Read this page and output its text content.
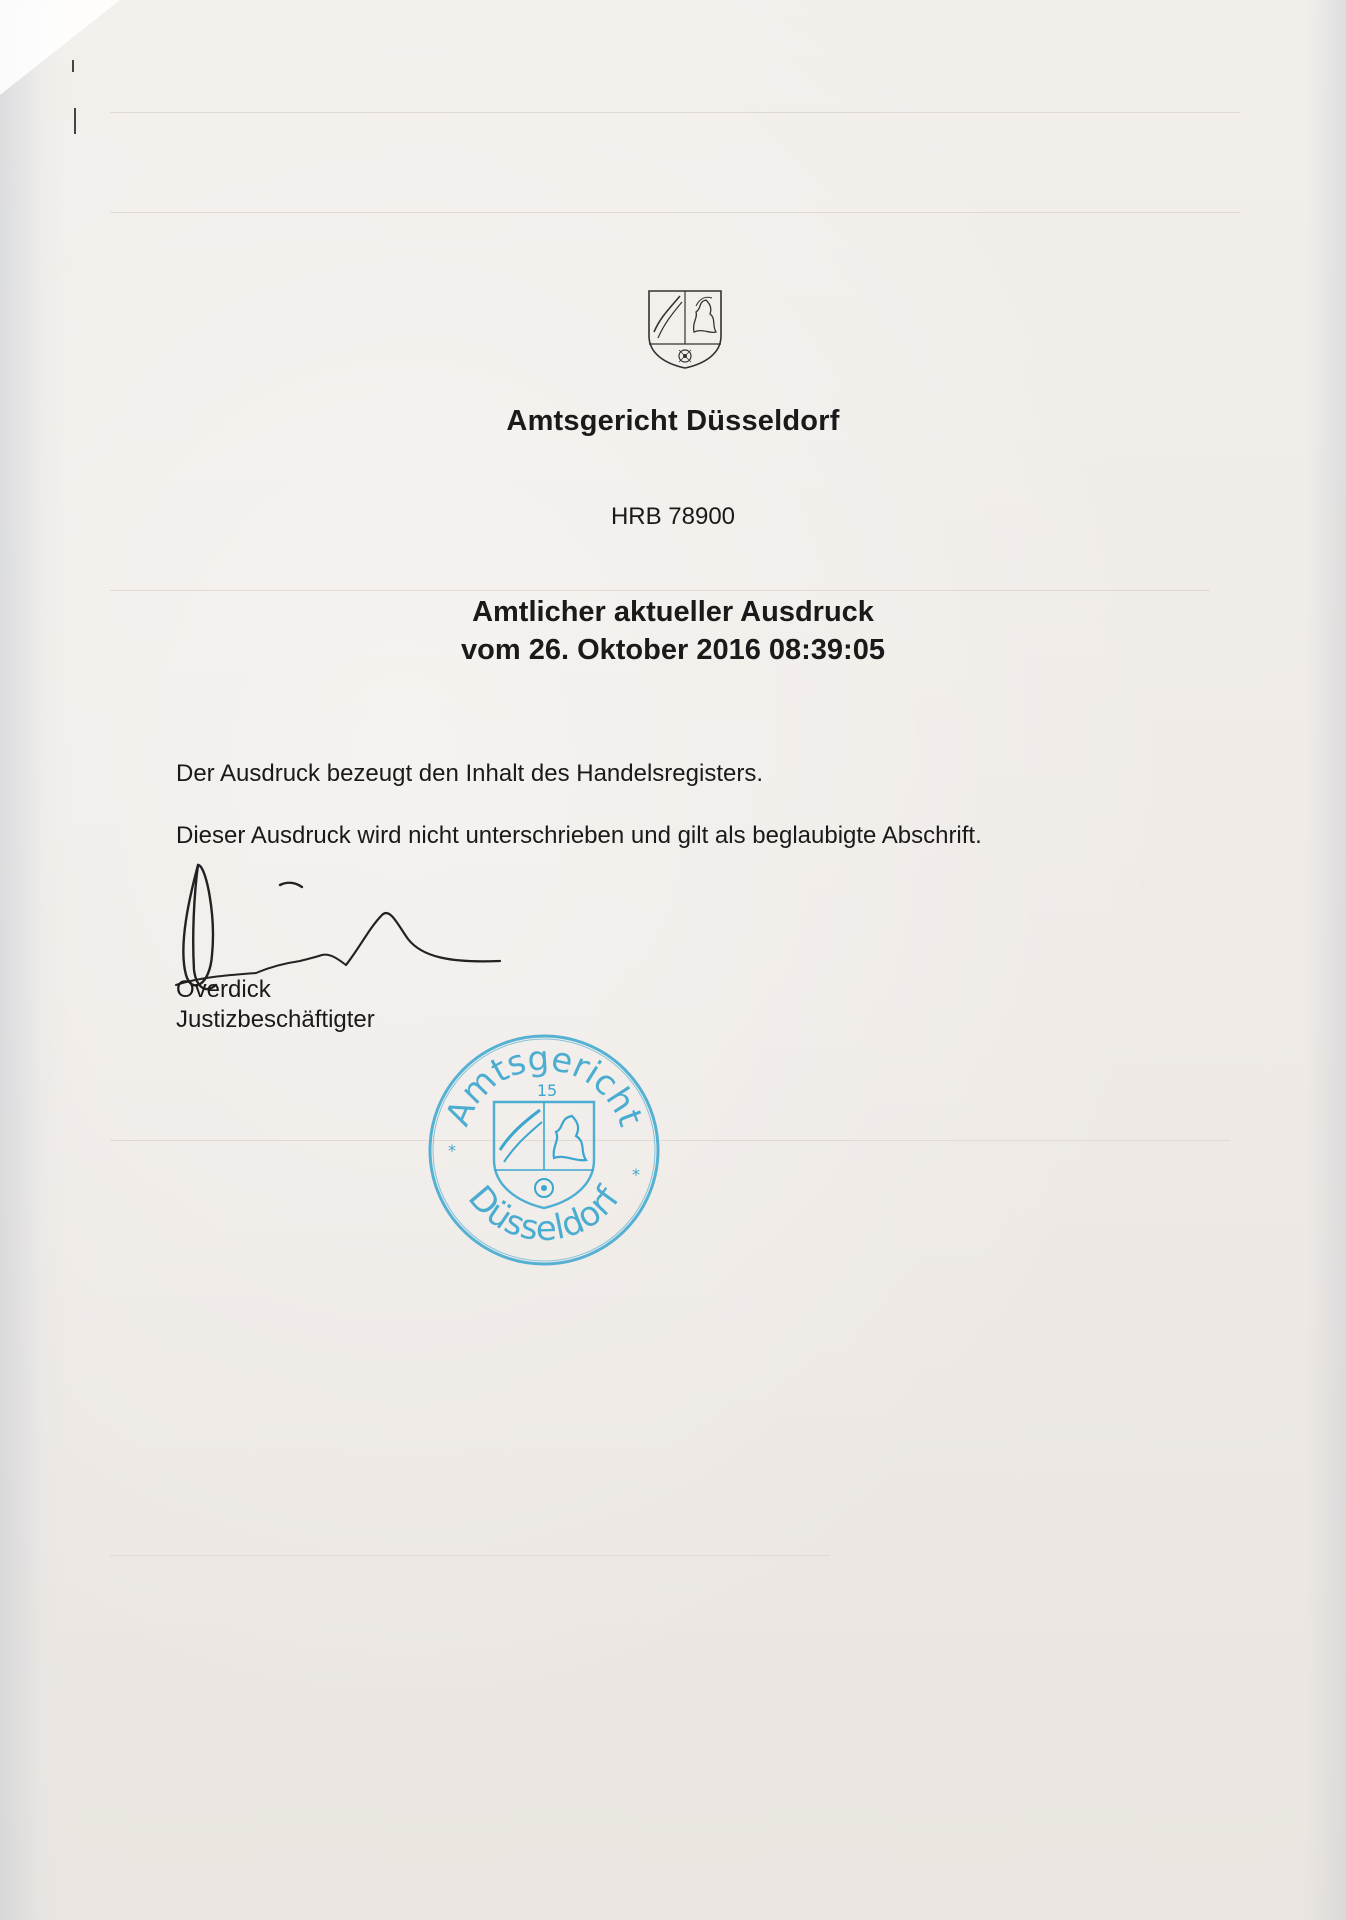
Amtsgericht Düsseldorf
HRB 78900
Amtlicher aktueller Ausdruck
vom 26. Oktober 2016 08:39:05
Der Ausdruck bezeugt den Inhalt des Handelsregisters.
Dieser Ausdruck wird nicht unterschrieben und gilt als beglaubigte Abschrift.
Overdick
Justizbeschäftigter
Amtsgericht
Düsseldorf
15
*
*
